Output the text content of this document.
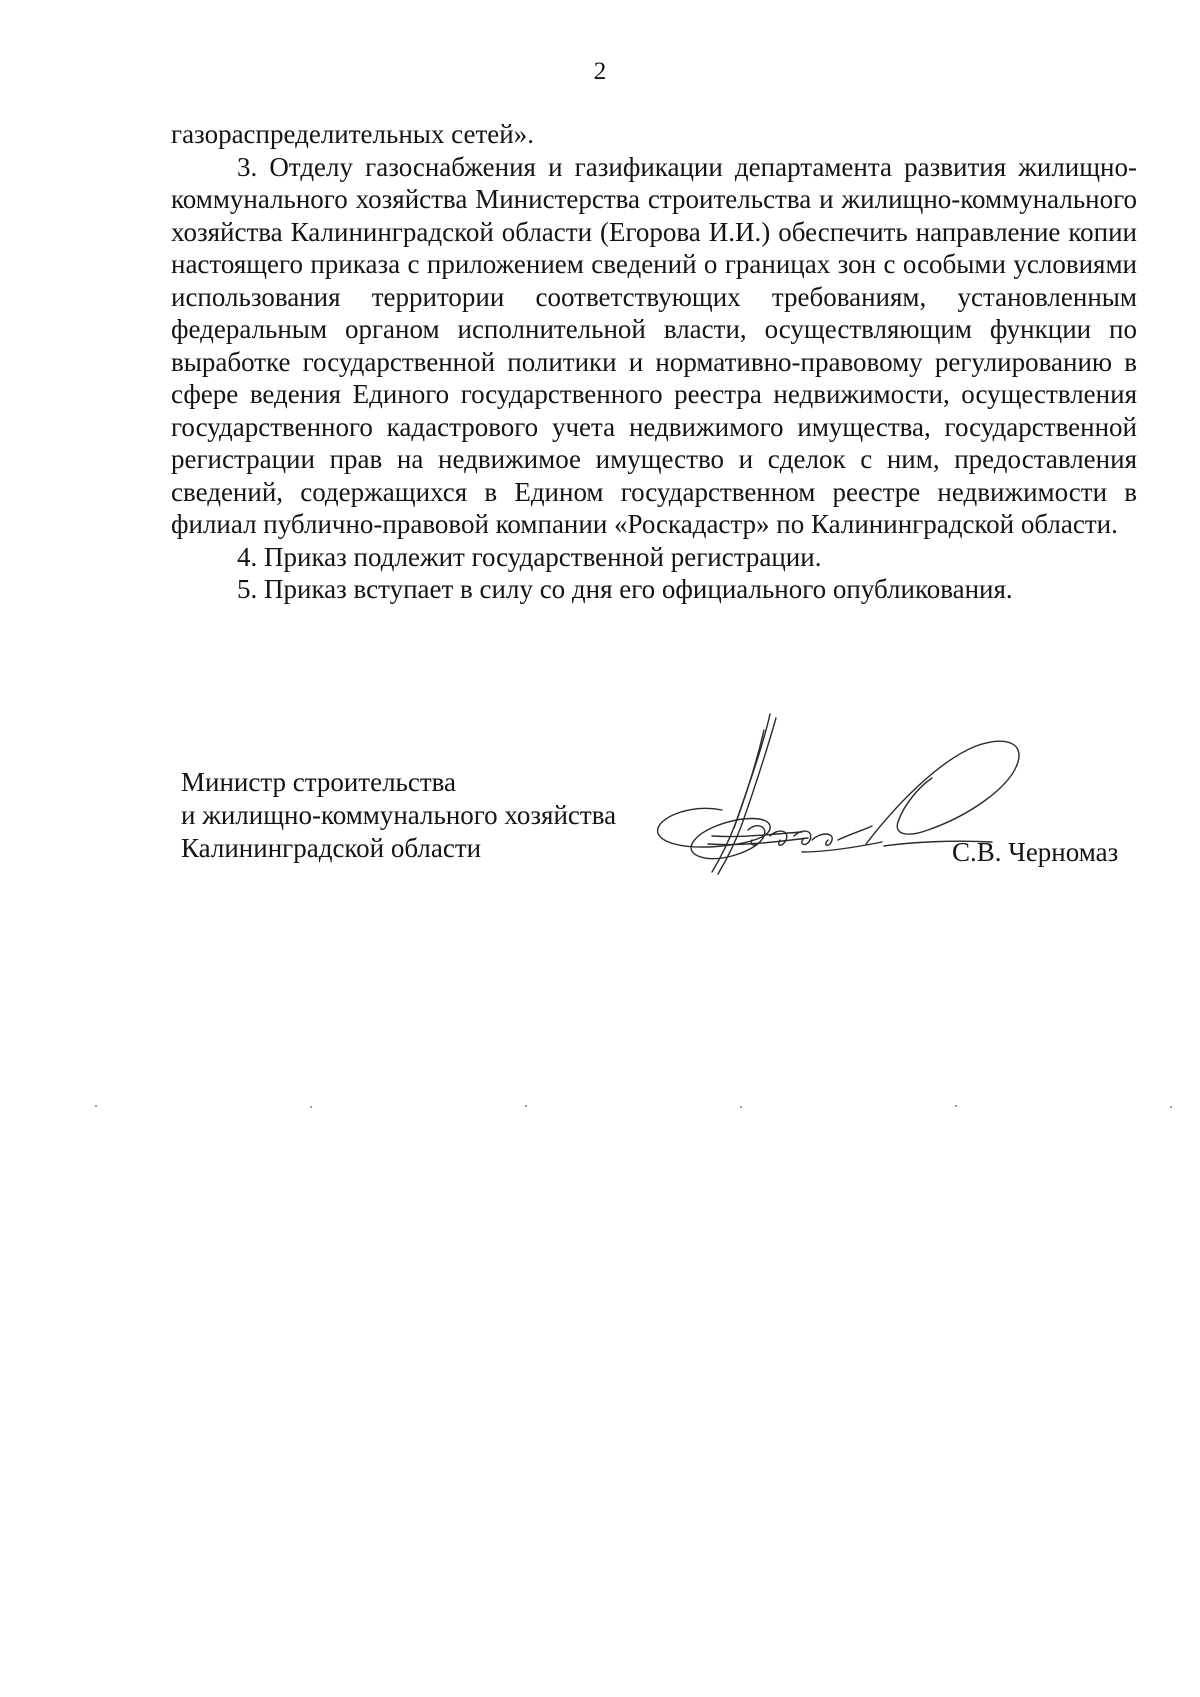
2

газораспределительных сетей».

3. Отделу газоснабжения и газификации департамента развития жилищно-коммунального хозяйства Министерства строительства и жилищно-коммунального хозяйства Калининградской области (Егорова И.И.) обеспечить направление копии настоящего приказа с приложением сведений о границах зон с особыми условиями использования территории соответствующих требованиям, установленным федеральным органом исполнительной власти, осуществляющим функции по выработке государственной политики и нормативно-правовому регулированию в сфере ведения Единого государственного реестра недвижимости, осуществления государственного кадастрового учета недвижимого имущества, государственной регистрации прав на недвижимое имущество и сделок с ним, предоставления сведений, содержащихся в Едином государственном реестре недвижимости в филиал публично-правовой компании «Роскадастр» по Калининградской области.

4. Приказ подлежит государственной регистрации.

5. Приказ вступает в силу со дня его официального опубликования.

Министр строительства
и жилищно-коммунального хозяйства
Калининградской области	С.В. Черномаз
